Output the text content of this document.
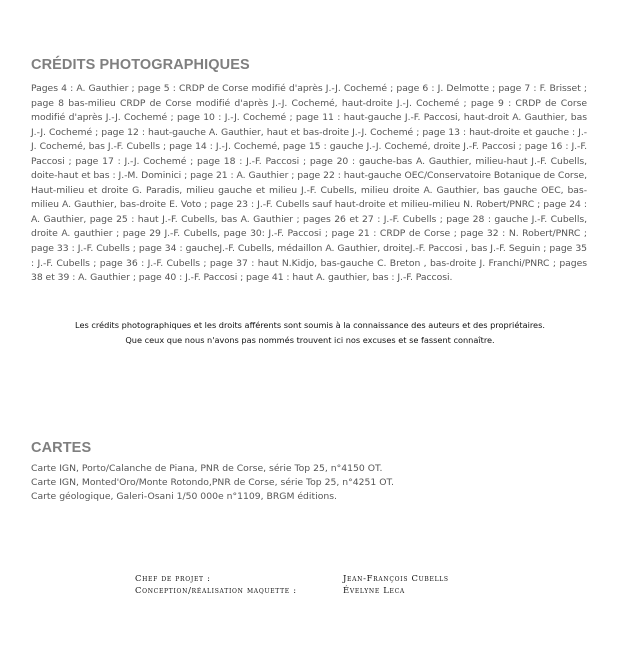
CRÉDITS PHOTOGRAPHIQUES

Pages 4 : A. Gauthier ; page 5 : CRDP de Corse modifié d'après J.-J. Cochemé ; page 6 : J. Delmotte ; page 7 : F. Brisset ; page 8 bas-milieu CRDP de Corse modifié d'après J.-J. Cochemé, haut-droite J.-J. Cochemé ; page 9 : CRDP de Corse modifié d'après J.-J. Cochemé ; page 10 : J.-J. Cochemé ; page 11 : haut-gauche J.-F. Paccosi, haut-droit A. Gauthier, bas J.-J. Cochemé ; page 12 : haut-gauche A. Gauthier, haut et bas-droite J.-J. Cochemé ; page 13 : haut-droite et gauche : J.-J. Cochemé, bas J.-F. Cubells ; page 14 : J.-J. Cochemé, page 15 : gauche J.-J. Cochemé, droite J.-F. Paccosi ; page 16 : J.-F. Paccosi ; page 17 : J.-J. Cochemé ; page 18 : J.-F. Paccosi ; page 20 : gauche-bas A. Gauthier, milieu-haut J.-F. Cubells, doite-haut et bas : J.-M. Dominici ; page 21 : A. Gauthier ; page 22 : haut-gauche OEC/Conservatoire Botanique de Corse, Haut-milieu et droite G. Paradis, milieu gauche et milieu J.-F. Cubells, milieu droite A. Gauthier, bas gauche OEC, bas-milieu A. Gauthier, bas-droite E. Voto ; page 23 : J.-F. Cubells sauf haut-droite et milieu-milieu N. Robert/PNRC ; page 24 : A. Gauthier, page 25 : haut J.-F. Cubells, bas A. Gauthier ; pages 26 et 27 : J.-F. Cubells ; page 28 : gauche J.-F. Cubells, droite A. gauthier ; page 29 J.-F. Cubells, page 30: J.-F. Paccosi ; page 21 : CRDP de Corse ; page 32 : N. Robert/PNRC ; page 33 : J.-F. Cubells ; page 34 : gaucheJ.-F. Cubells, médaillon A. Gauthier, droiteJ.-F. Paccosi , bas J.-F. Seguin ; page 35 : J.-F. Cubells ; page 36 : J.-F. Cubells ; page 37 : haut N.Kidjo, bas-gauche C. Breton , bas-droite J. Franchi/PNRC ; pages 38 et 39 : A. Gauthier ; page 40 : J.-F. Paccosi ; page 41 : haut A. gauthier, bas : J.-F. Paccosi.

Les crédits photographiques et les droits afférents sont soumis à la connaissance des auteurs et des propriétaires.

Que ceux que nous n'avons pas nommés trouvent ici nos excuses et se fassent connaître.

CARTES
Carte IGN, Porto/Calanche de Piana, PNR de Corse, série Top 25, n°4150 OT.
Carte IGN, Monted'Oro/Monte Rotondo,PNR de Corse, série Top 25, n°4251 OT.
Carte géologique, Galeri-Osani 1/50 000e n°1109, BRGM éditions.
Chef de projet :	Jean-François Cubells
Conception/réalisation maquette :	Évelyne Leca
